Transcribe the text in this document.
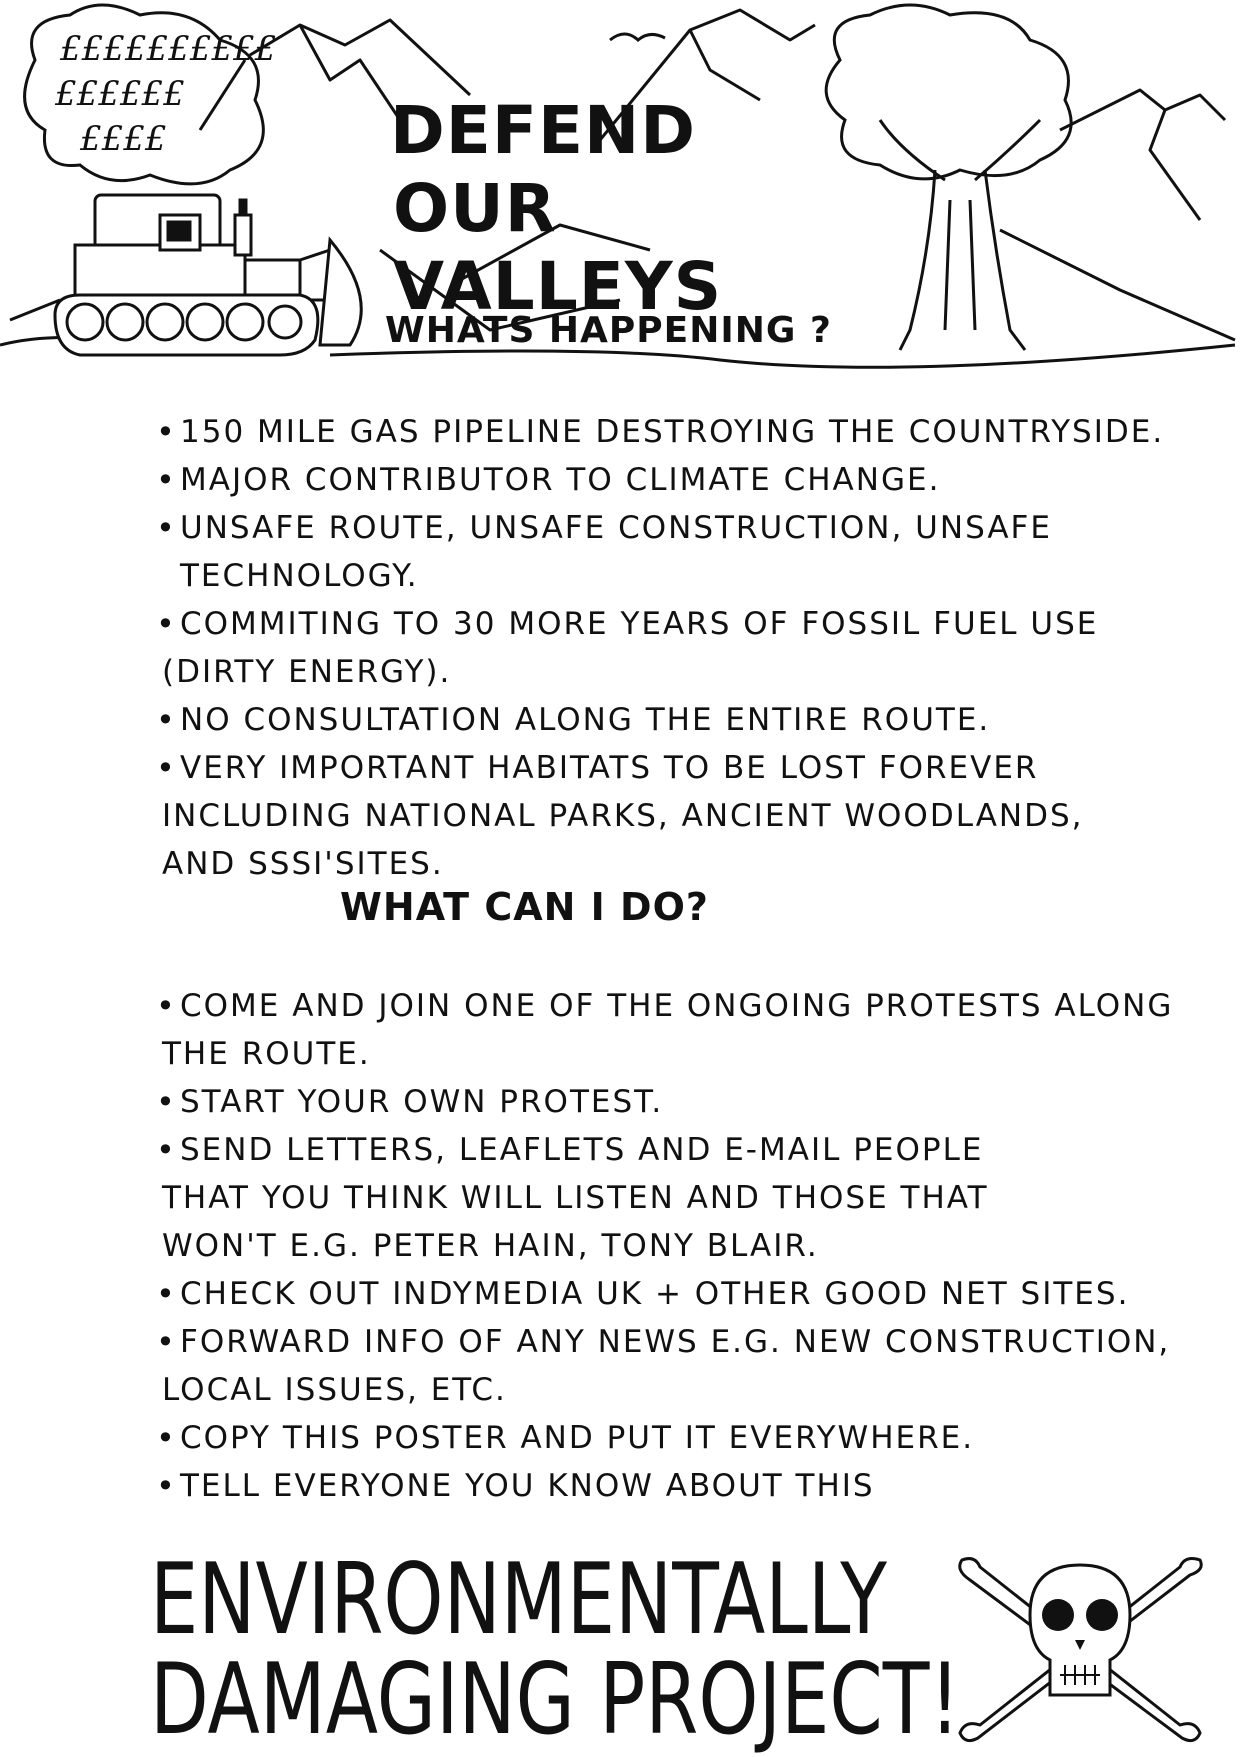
££££££££££
££££££
££££	DEFEND
OUR VALLEYS
WHATS HAPPENING ?
• 150 MILE GAS PIPELINE DESTROYING THE COUNTRYSIDE.
• MAJOR CONTRIBUTOR TO CLIMATE CHANGE.
• UNSAFE ROUTE, UNSAFE CONSTRUCTION, UNSAFE TECHNOLOGY.
• COMMITING TO 30 MORE YEARS OF FOSSIL FUEL USE
(DIRTY ENERGY).
• NO CONSULTATION ALONG THE ENTIRE ROUTE.
• VERY IMPORTANT HABITATS TO BE LOST FOREVER
INCLUDING NATIONAL PARKS, ANCIENT WOODLANDS,
AND SSSI'SITES.
WHAT CAN I DO?
• COME AND JOIN ONE OF THE ONGOING PROTESTS ALONG
THE ROUTE.
• START YOUR OWN PROTEST.
• SEND LETTERS, LEAFLETS AND E-MAIL PEOPLE
THAT YOU THINK WILL LISTEN AND THOSE THAT
WON'T E.G. PETER HAIN, TONY BLAIR.
• CHECK OUT INDYMEDIA UK + OTHER GOOD NET SITES.
• FORWARD INFO OF ANY NEWS E.G. NEW CONSTRUCTION,
LOCAL ISSUES, ETC.
• COPY THIS POSTER AND PUT IT EVERYWHERE.
• TELL EVERYONE YOU KNOW ABOUT THIS
ENVIRONMENTALLY
DAMAGING PROJECT!
